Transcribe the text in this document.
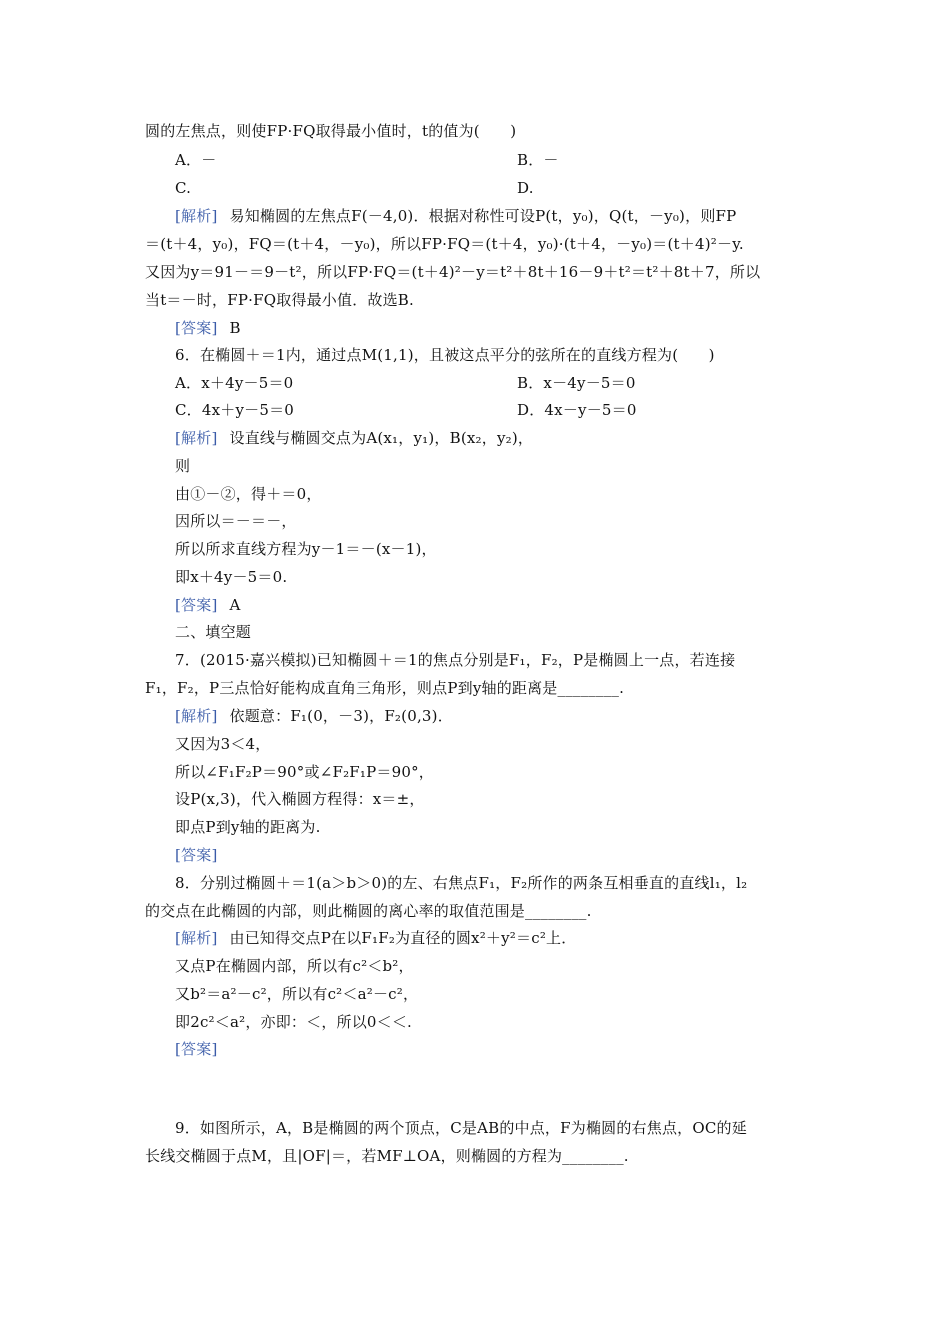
圆的左焦点，则使FP·FQ取得最小值时，t的值为(　　)
A．－	B．－
C.	D.
[解析] 易知椭圆的左焦点F(－4,0)．根据对称性可设P(t，y₀)，Q(t，－y₀)，则FP
＝(t＋4，y₀)，FQ＝(t＋4，－y₀)，所以FP·FQ＝(t＋4，y₀)·(t＋4，－y₀)＝(t＋4)²－y.
又因为y＝91－＝9－t²，所以FP·FQ＝(t＋4)²－y＝t²＋8t＋16－9＋t²＝t²＋8t＋7，所以
当t＝－时，FP·FQ取得最小值．故选B.
[答案] B
6．在椭圆＋＝1内，通过点M(1,1)，且被这点平分的弦所在的直线方程为(　　)
A．x＋4y－5＝0	B．x－4y－5＝0
C．4x＋y－5＝0	D．4x－y－5＝0
[解析] 设直线与椭圆交点为A(x₁，y₁)，B(x₂，y₂)，
则
由①－②，得＋＝0，
因所以＝－＝－，
所以所求直线方程为y－1＝－(x－1)，
即x＋4y－5＝0.
[答案] A
二、填空题
7．(2015·嘉兴模拟)已知椭圆＋＝1的焦点分别是F₁，F₂，P是椭圆上一点，若连接
F₁，F₂，P三点恰好能构成直角三角形，则点P到y轴的距离是________.
[解析] 依题意：F₁(0，－3)，F₂(0,3)．
又因为3＜4，
所以∠F₁F₂P＝90°或∠F₂F₁P＝90°，
设P(x,3)，代入椭圆方程得：x＝±，
即点P到y轴的距离为.
[答案]
8．分别过椭圆＋＝1(a＞b＞0)的左、右焦点F₁，F₂所作的两条互相垂直的直线l₁，l₂
的交点在此椭圆的内部，则此椭圆的离心率的取值范围是________.
[解析] 由已知得交点P在以F₁F₂为直径的圆x²＋y²＝c²上．
又点P在椭圆内部，所以有c²＜b²，
又b²＝a²－c²，所以有c²＜a²－c²，
即2c²＜a²，亦即：＜，所以0＜＜.
[答案]
9．如图所示，A，B是椭圆的两个顶点，C是AB的中点，F为椭圆的右焦点，OC的延
长线交椭圆于点M，且|OF|＝，若MF⊥OA，则椭圆的方程为________.
